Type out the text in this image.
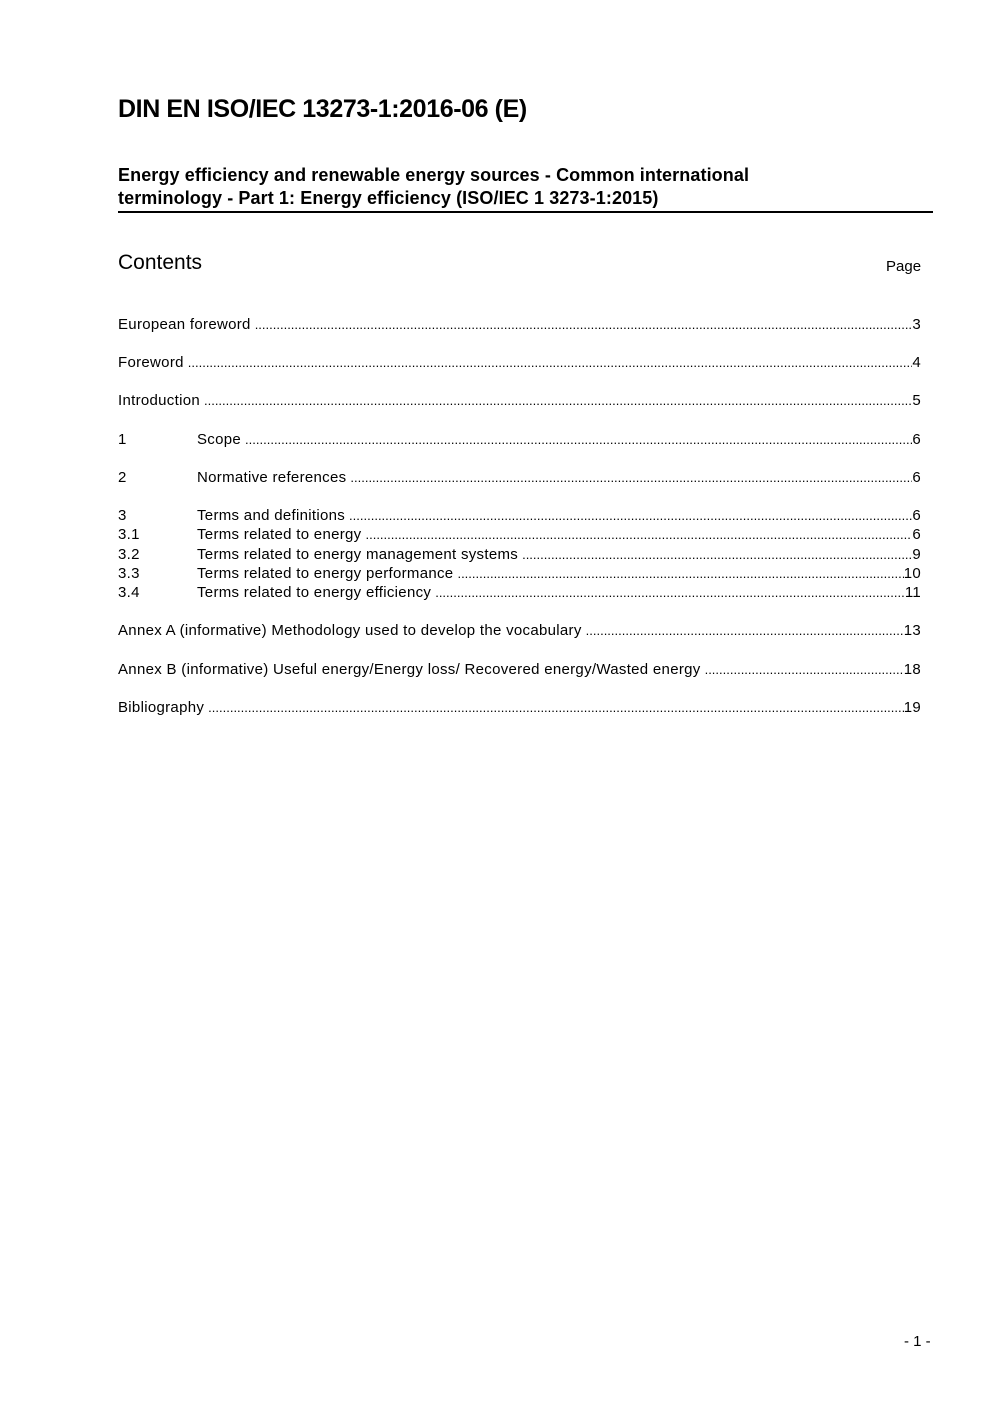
DIN EN ISO/IEC 13273-1:2016-06 (E)
Energy efficiency and renewable energy sources - Common international
terminology - Part 1: Energy efficiency (ISO/IEC 1 3273-1:2015)
Contents	Page
European foreword .....	3
Foreword .....	4
Introduction .....	5
1	Scope .....	6
2	Normative references .....	6
3	Terms and definitions .....	6
3.1	Terms related to energy .....	6
3.2	Terms related to energy management systems .....	9
3.3	Terms related to energy performance .....	10
3.4	Terms related to energy efficiency .....	11
Annex A (informative) Methodology used to develop the vocabulary .....	13
Annex B (informative) Useful energy/Energy loss/ Recovered energy/Wasted energy .....	18
Bibliography .....	19
- 1 -
